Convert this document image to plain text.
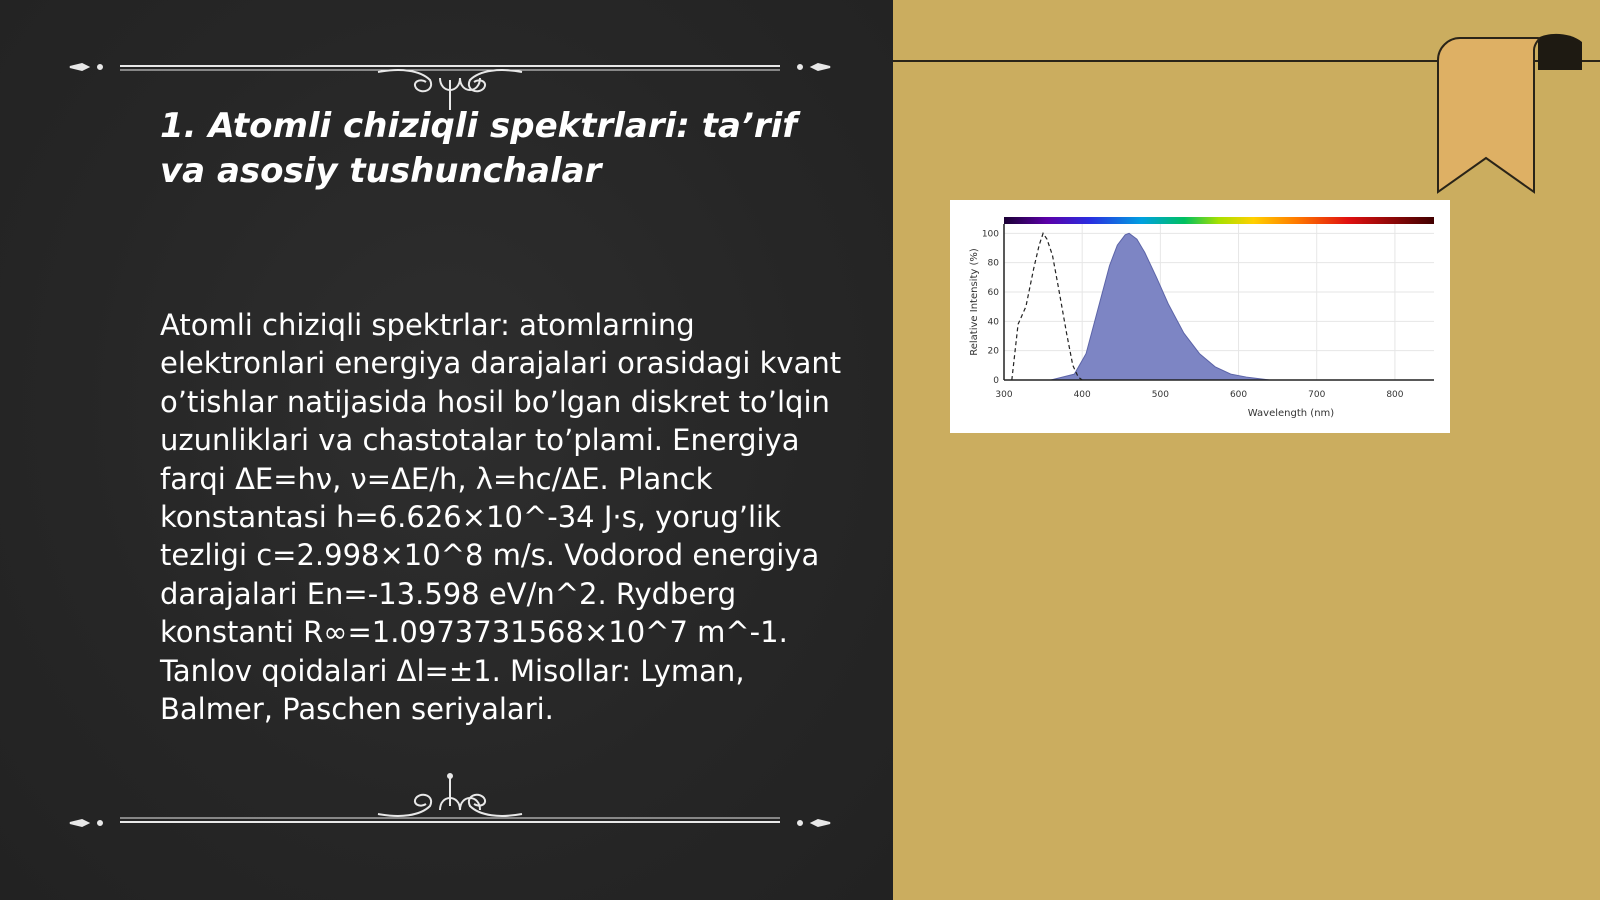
1. Atomli chiziqli spektrlari: ta’rif va asosiy tushunchalar

Atomli chiziqli spektrlar: atomlarning elektronlari energiya darajalari orasidagi kvant o’tishlar natijasida hosil bo’lgan diskret to’lqin uzunliklari va chastotalar to’plami. Energiya farqi ΔE=hν, ν=ΔE/h, λ=hc/ΔE. Planck konstantasi h=6.626×10^-34 J·s, yorug’lik tezligi c=2.998×10^8 m/s. Vodorod energiya darajalari En=-13.598 eV/n^2. Rydberg konstanti R∞=1.0973731568×10^7 m^-1. Tanlov qoidalari Δl=±1. Misollar: Lyman, Balmer, Paschen seriyalari.

300	400	500	600	700	800
0
20
40
60
80
100
Wavelength (nm)
Relative Intensity (%)
